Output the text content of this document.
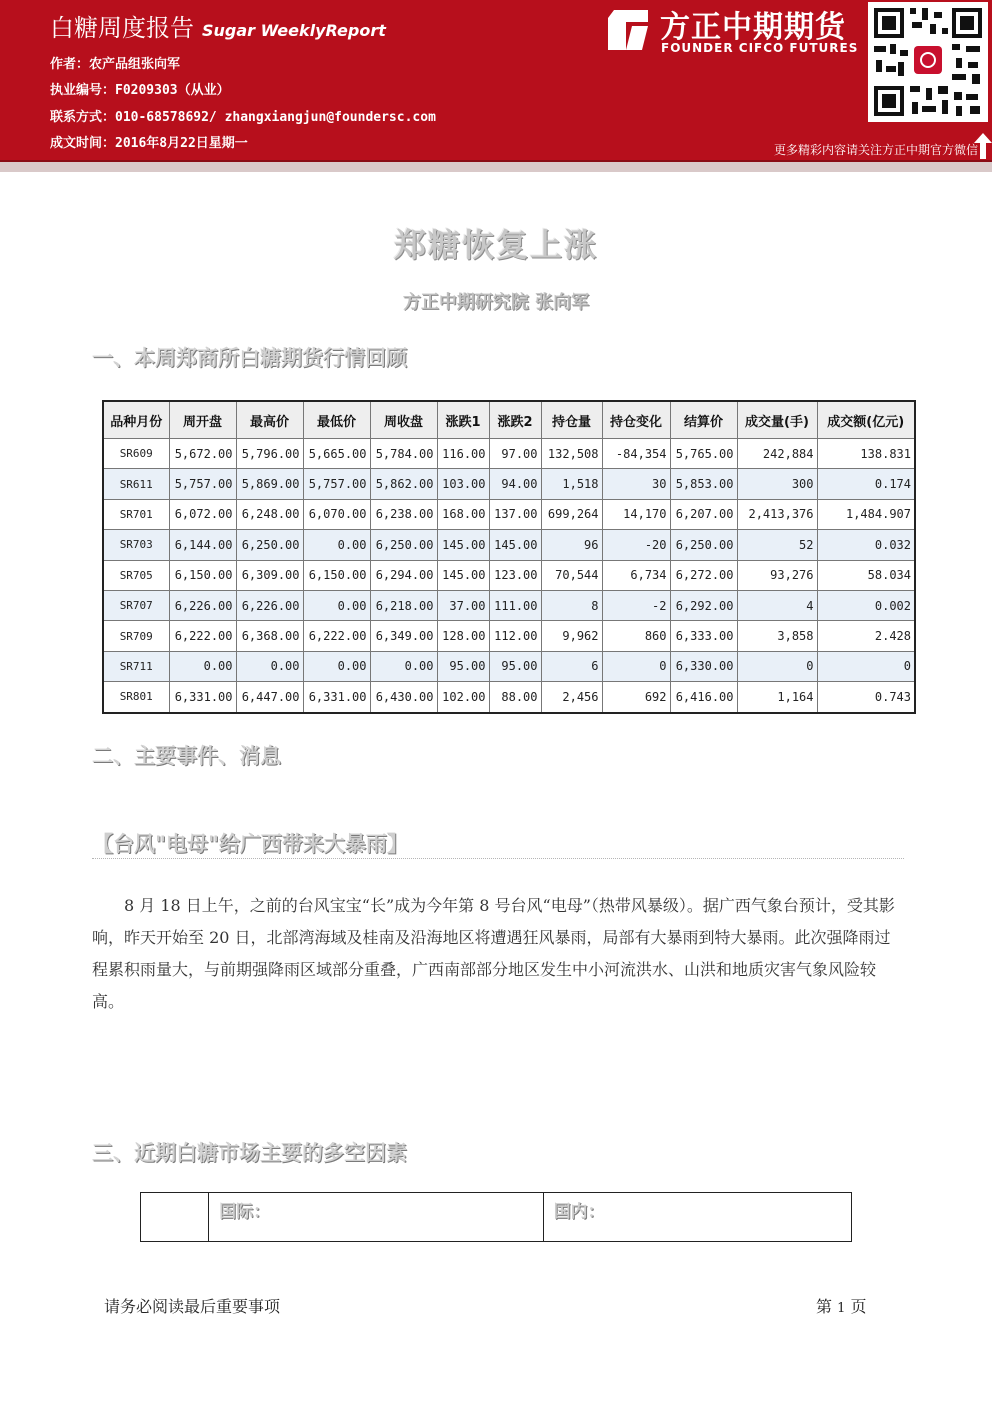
白糖周度报告 Sugar WeeklyReport
作者：农产品组张向军
执业编号：F0209303（从业）
联系方式：010-68578692/ zhangxiangjun@foundersc.com
成文时间：2016年8月22日星期一
方正中期期货
FOUNDER CIFCO FUTURES
更多精彩内容请关注方正中期官方微信
郑糖恢复上涨
方正中期研究院 张向军
一、本周郑商所白糖期货行情回顾
品种月份	周开盘	最高价	最低价	周收盘	涨跌1	涨跌2	持仓量	持仓变化	结算价	成交量(手)	成交额(亿元)
SR609	5,672.00	5,796.00	5,665.00	5,784.00	116.00	97.00	132,508	-84,354	5,765.00	242,884	138.831
SR611	5,757.00	5,869.00	5,757.00	5,862.00	103.00	94.00	1,518	30	5,853.00	300	0.174
SR701	6,072.00	6,248.00	6,070.00	6,238.00	168.00	137.00	699,264	14,170	6,207.00	2,413,376	1,484.907
SR703	6,144.00	6,250.00	0.00	6,250.00	145.00	145.00	96	-20	6,250.00	52	0.032
SR705	6,150.00	6,309.00	6,150.00	6,294.00	145.00	123.00	70,544	6,734	6,272.00	93,276	58.034
SR707	6,226.00	6,226.00	0.00	6,218.00	37.00	111.00	8	-2	6,292.00	4	0.002
SR709	6,222.00	6,368.00	6,222.00	6,349.00	128.00	112.00	9,962	860	6,333.00	3,858	2.428
SR711	0.00	0.00	0.00	0.00	95.00	95.00	6	0	6,330.00	0	0
SR801	6,331.00	6,447.00	6,331.00	6,430.00	102.00	88.00	2,456	692	6,416.00	1,164	0.743
二、主要事件、消息
【台风"电母"给广西带来大暴雨】

8 月 18 日上午，之前的台风宝宝“长”成为今年第 8 号台风“电母”（热带风暴级）。据广西气象台预计，受其影响，昨天开始至 20 日，北部湾海域及桂南及沿海地区将遭遇狂风暴雨，局部有大暴雨到特大暴雨。此次强降雨过程累积雨量大，与前期强降雨区域部分重叠，广西南部部分地区发生中小河流洪水、山洪和地质灾害气象风险较高。

三、近期白糖市场主要的多空因素
	国际：	国内：
请务必阅读最后重要事项	第 1 页
